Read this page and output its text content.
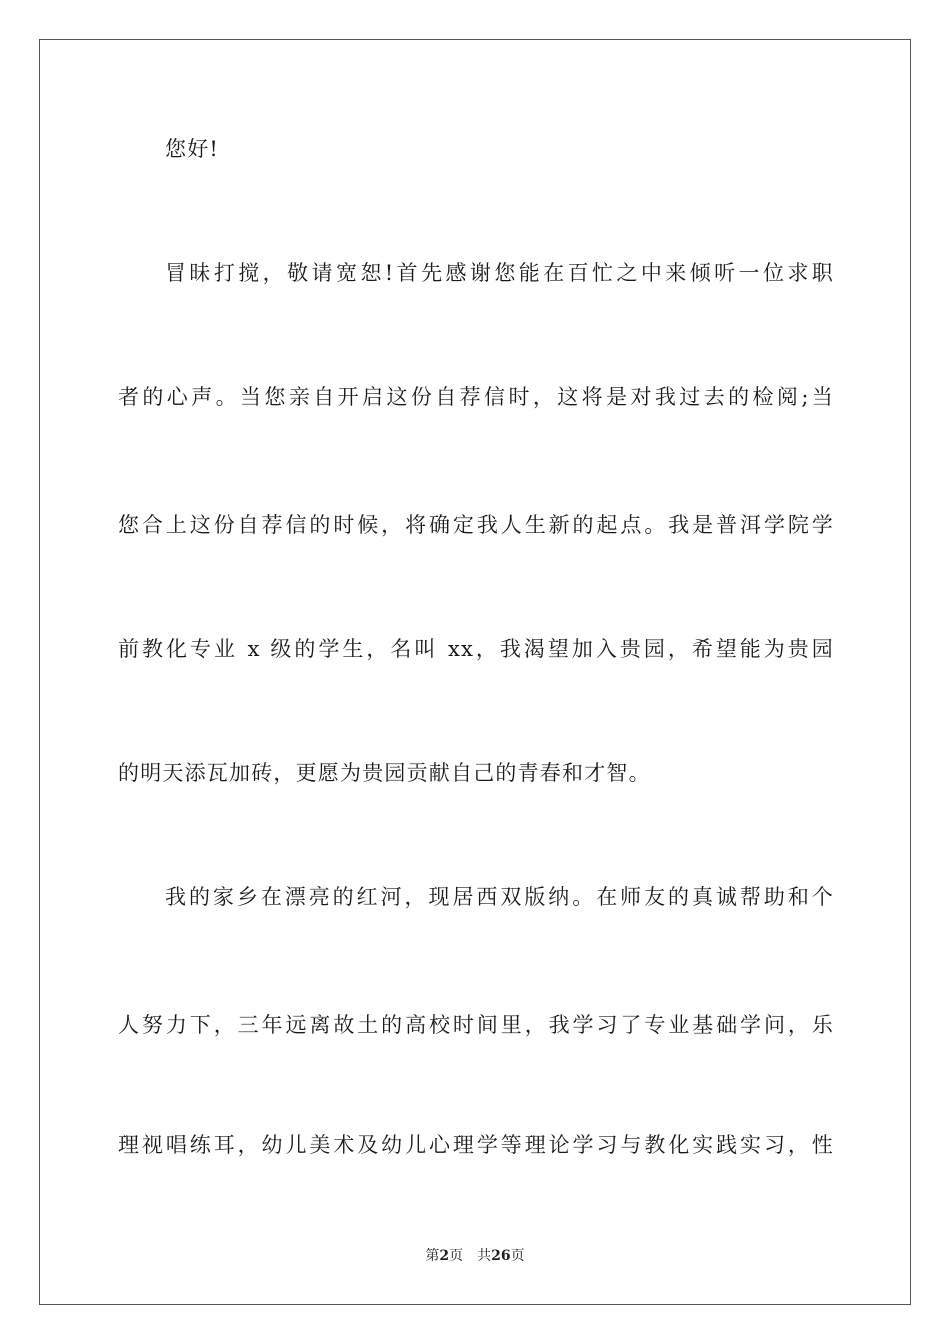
您好!
冒昧打搅，敬请宽恕!首先感谢您能在百忙之中来倾听一位求职
者的心声。当您亲自开启这份自荐信时，这将是对我过去的检阅;当
您合上这份自荐信的时候，将确定我人生新的起点。我是普洱学院学
前教化专业 x 级的学生，名叫 xx，我渴望加入贵园，希望能为贵园
的明天添瓦加砖，更愿为贵园贡献自己的青春和才智。
我的家乡在漂亮的红河，现居西双版纳。在师友的真诚帮助和个
人努力下，三年远离故土的高校时间里，我学习了专业基础学问，乐
理视唱练耳，幼儿美术及幼儿心理学等理论学习与教化实践实习，性
第2页 共26页
